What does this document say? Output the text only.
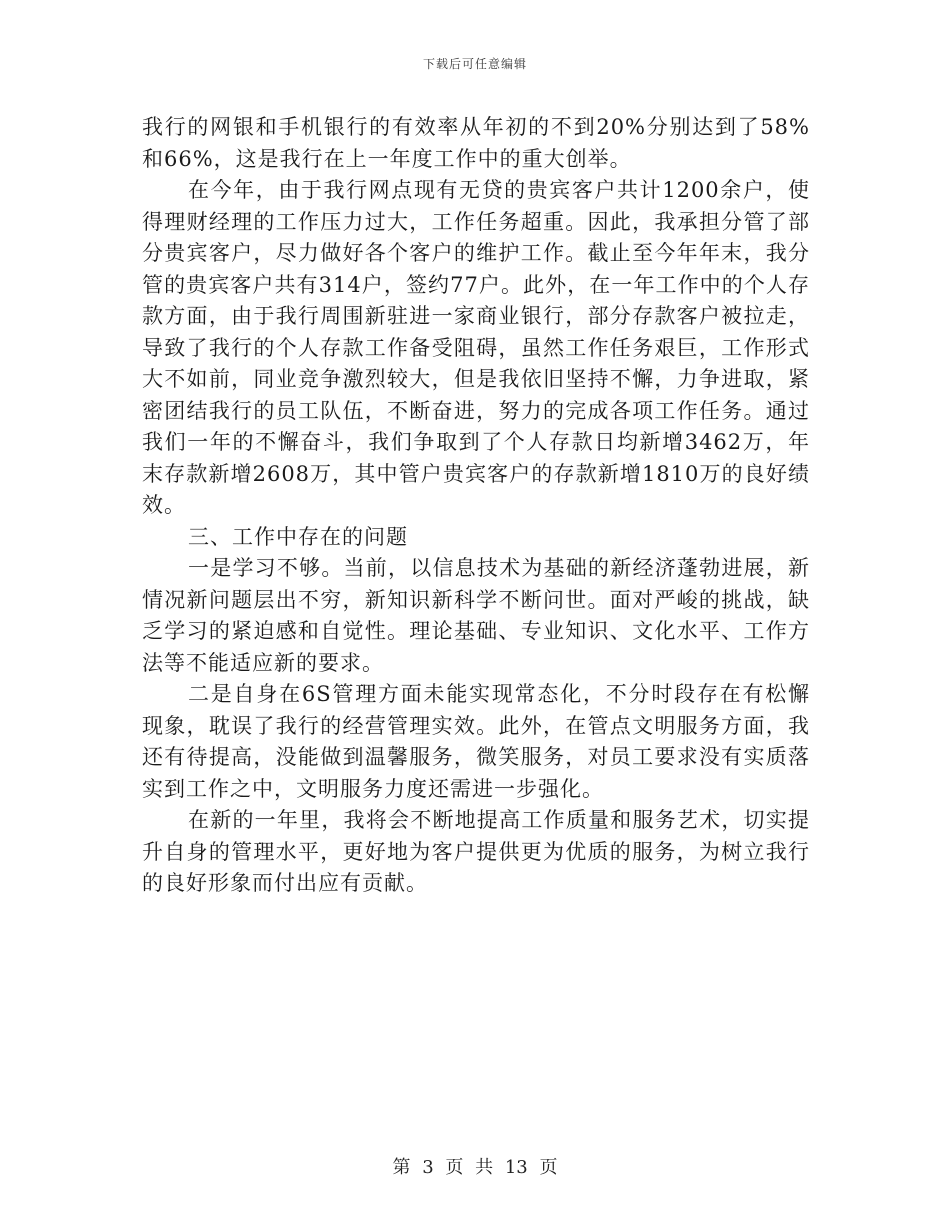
下载后可任意编辑

我行的网银和手机银行的有效率从年初的不到20%分别达到了58%和66%，这是我行在上一年度工作中的重大创举。

在今年，由于我行网点现有无贷的贵宾客户共计1200余户，使得理财经理的工作压力过大，工作任务超重。因此，我承担分管了部分贵宾客户，尽力做好各个客户的维护工作。截止至今年年末，我分管的贵宾客户共有314户，签约77户。此外，在一年工作中的个人存款方面，由于我行周围新驻进一家商业银行，部分存款客户被拉走，导致了我行的个人存款工作备受阻碍，虽然工作任务艰巨，工作形式大不如前，同业竞争激烈较大，但是我依旧坚持不懈，力争进取，紧密团结我行的员工队伍，不断奋进，努力的完成各项工作任务。通过我们一年的不懈奋斗，我们争取到了个人存款日均新增3462万，年末存款新增2608万，其中管户贵宾客户的存款新增1810万的良好绩效。

三、工作中存在的问题

一是学习不够。当前，以信息技术为基础的新经济蓬勃进展，新情况新问题层出不穷，新知识新科学不断问世。面对严峻的挑战，缺乏学习的紧迫感和自觉性。理论基础、专业知识、文化水平、工作方法等不能适应新的要求。

二是自身在6S管理方面未能实现常态化，不分时段存在有松懈现象，耽误了我行的经营管理实效。此外，在管点文明服务方面，我还有待提高，没能做到温馨服务，微笑服务，对员工要求没有实质落实到工作之中，文明服务力度还需进一步强化。

在新的一年里，我将会不断地提高工作质量和服务艺术，切实提升自身的管理水平，更好地为客户提供更为优质的服务，为树立我行的良好形象而付出应有贡献。

第 3 页 共 13 页
